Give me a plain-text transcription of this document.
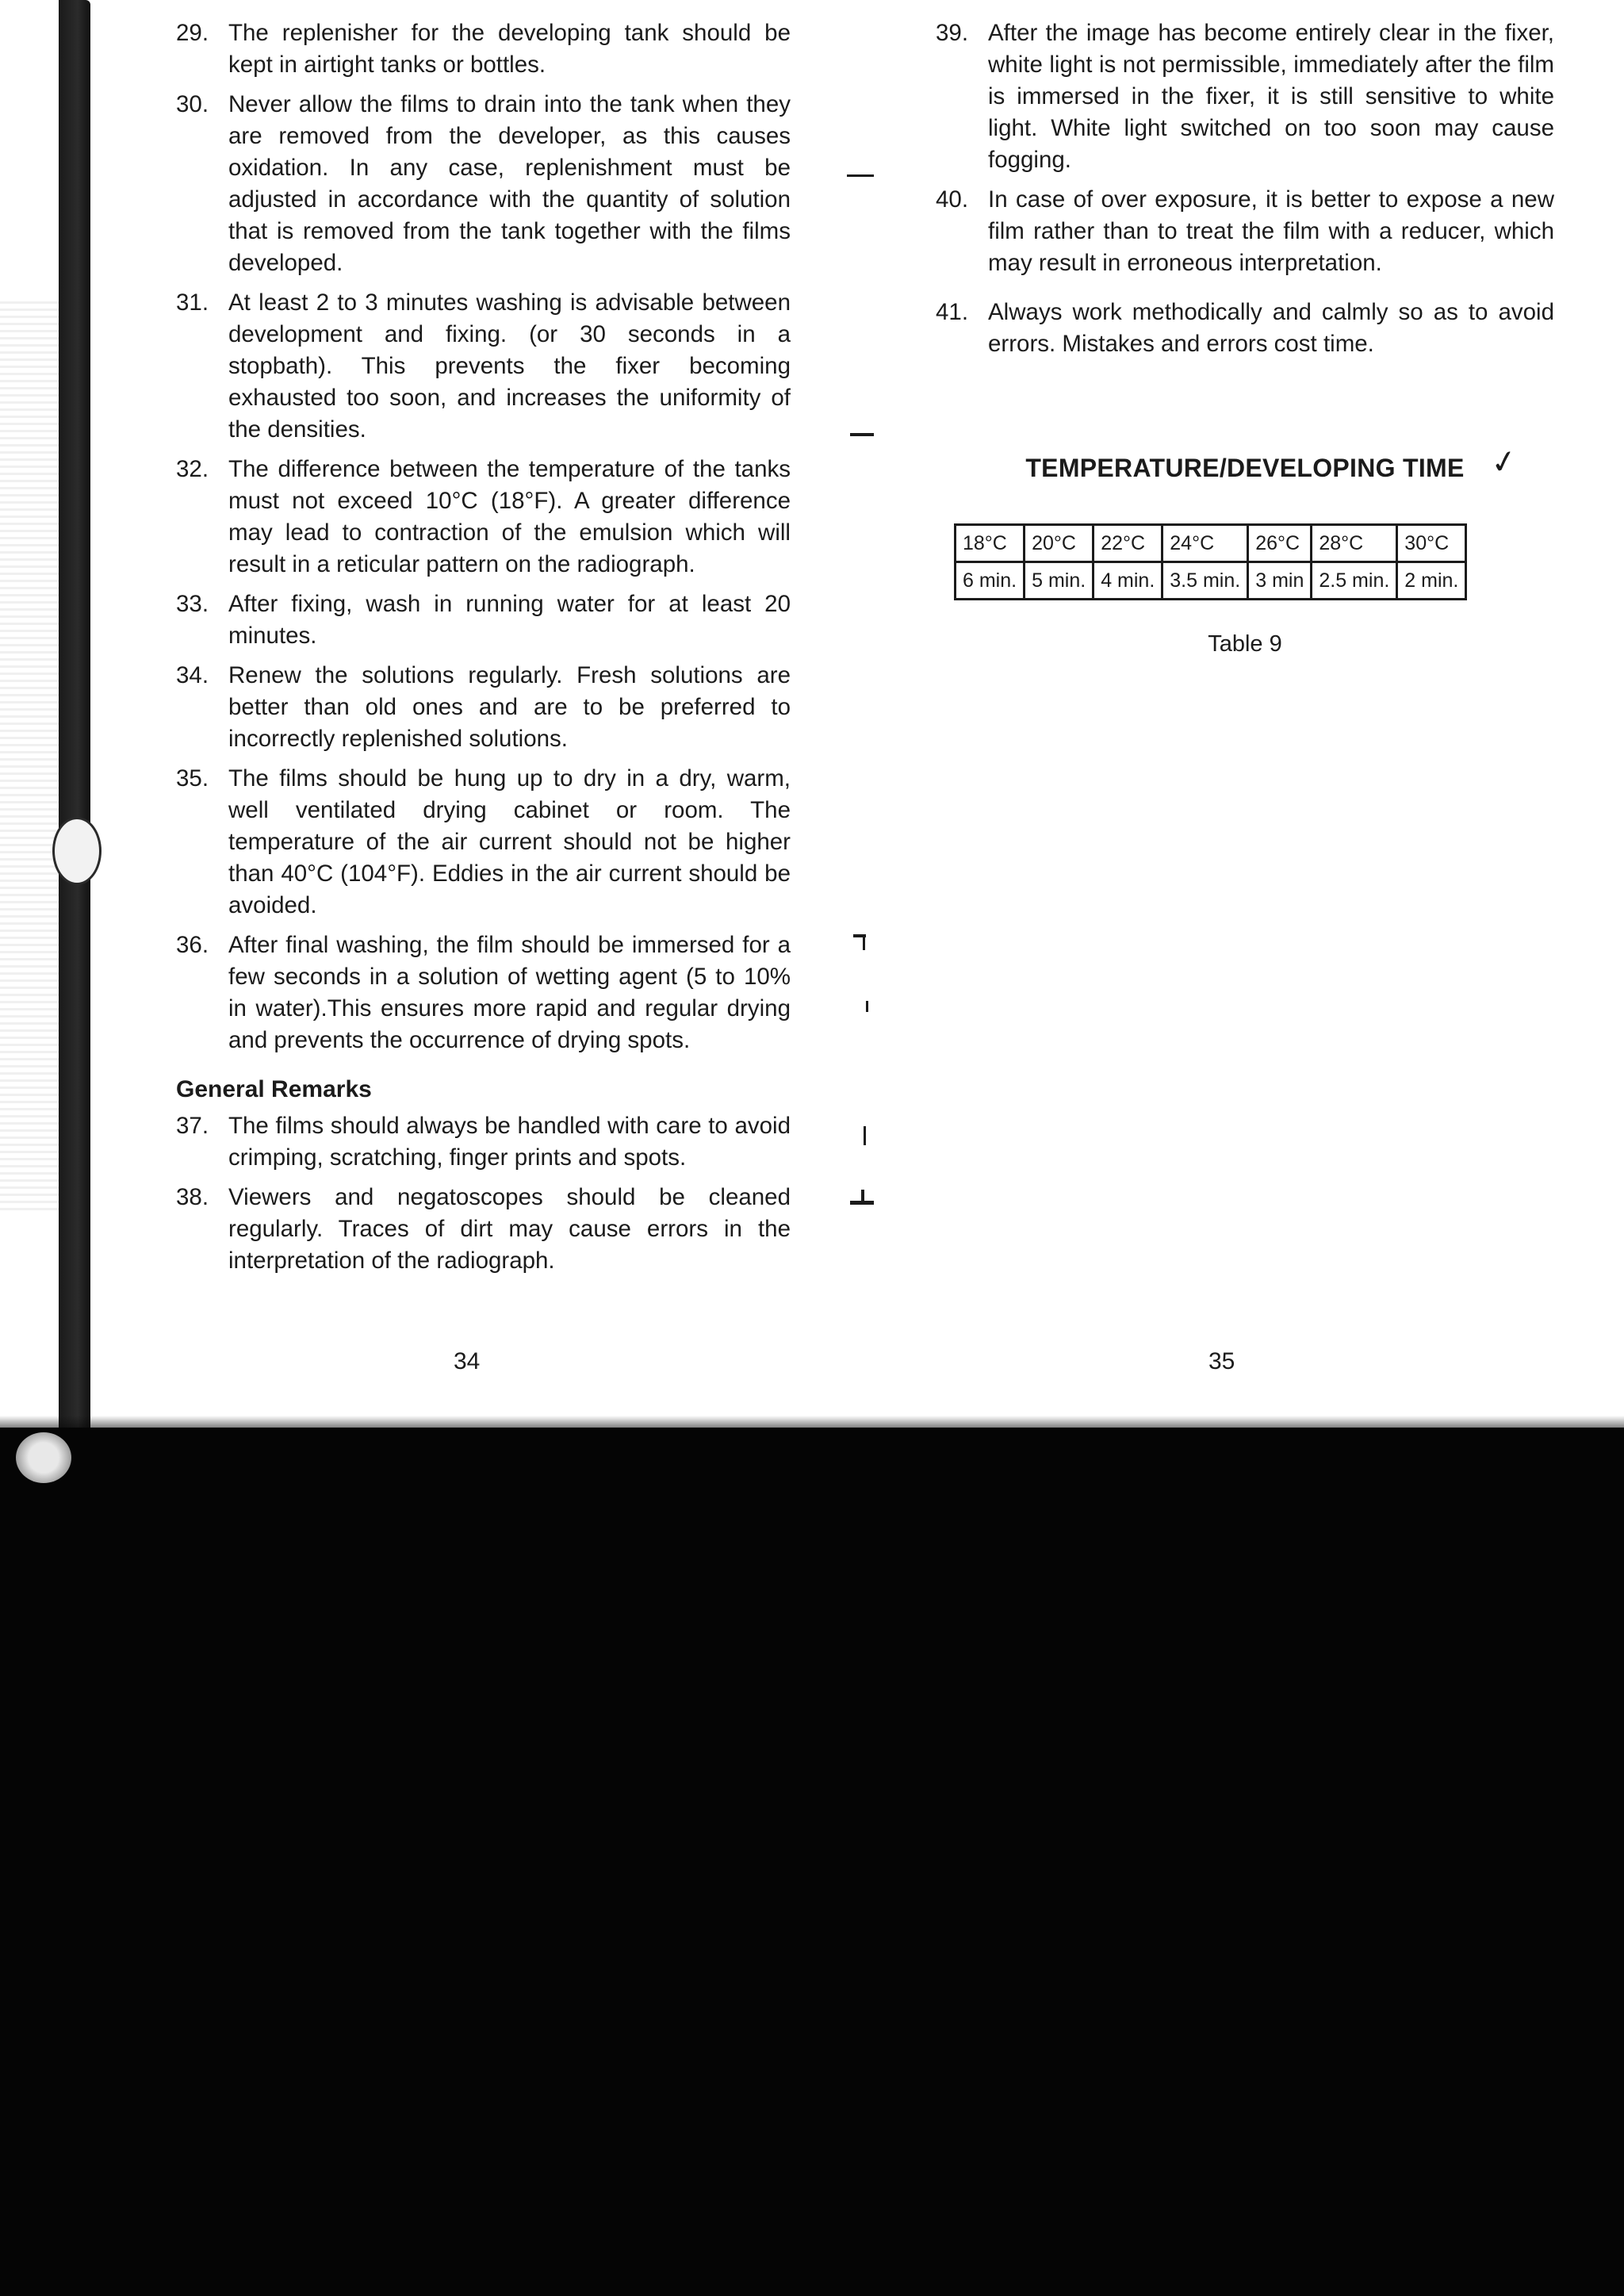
29. The replenisher for the developing tank should be kept in airtight tanks or bottles.
30. Never allow the films to drain into the tank when they are removed from the developer, as this causes oxidation. In any case, replenishment must be adjusted in accordance with the quantity of solution that is removed from the tank together with the films developed.
31. At least 2 to 3 minutes washing is advisable between development and fixing. (or 30 seconds in a stopbath). This prevents the fixer becoming exhausted too soon, and increases the uniformity of the densities.
32. The difference between the temperature of the tanks must not exceed 10°C (18°F). A greater difference may lead to contraction of the emulsion which will result in a reticular pattern on the radiograph.
33. After fixing, wash in running water for at least 20 minutes.
34. Renew the solutions regularly. Fresh solutions are better than old ones and are to be preferred to incorrectly replenished solutions.
35. The films should be hung up to dry in a dry, warm, well ventilated drying cabinet or room. The temperature of the air current should not be higher than 40°C (104°F). Eddies in the air current should be avoided.
36. After final washing, the film should be immersed for a few seconds in a solution of wetting agent (5 to 10% in water).This ensures more rapid and regular drying and prevents the occurrence of drying spots.
General Remarks
37. The films should always be handled with care to avoid crimping, scratching, finger prints and spots.
38. Viewers and negatoscopes should be cleaned regularly. Traces of dirt may cause errors in the interpretation of the radiograph.
39. After the image has become entirely clear in the fixer, white light is not permissible, immediately after the film is immersed in the fixer, it is still sensitive to white light. White light switched on too soon may cause fogging.
40. In case of over exposure, it is better to expose a new film rather than to treat the film with a reducer, which may result in erroneous interpretation.
41. Always work methodically and calmly so as to avoid errors. Mistakes and errors cost time.
TEMPERATURE/DEVELOPING TIME ✓
18°C	20°C	22°C	24°C	26°C	28°C	30°C
6 min.	5 min.	4 min.	3.5 min.	3 min	2.5 min.	2 min.
Table 9
34	35
